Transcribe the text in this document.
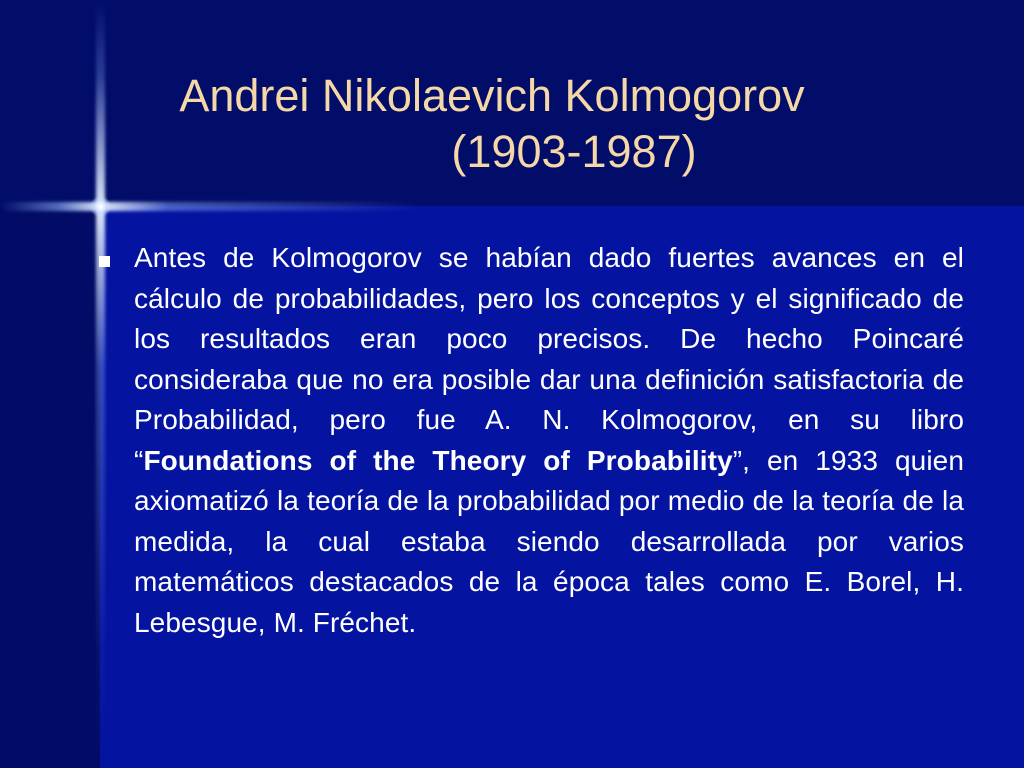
Andrei Nikolaevich Kolmogorov
(1903-1987)

Antes de Kolmogorov se habían dado fuertes avances en el cálculo de probabilidades, pero los conceptos y el significado de los resultados eran poco precisos. De hecho Poincaré consideraba que no era posible dar una definición satisfactoria de Probabilidad, pero fue A. N. Kolmogorov, en su libro “Foundations of the Theory of Probability”, en 1933 quien axiomatizó la teoría de la probabilidad por medio de la teoría de la medida, la cual estaba siendo desarrollada por varios matemáticos destacados de la época tales como E. Borel, H. Lebesgue, M. Fréchet.
